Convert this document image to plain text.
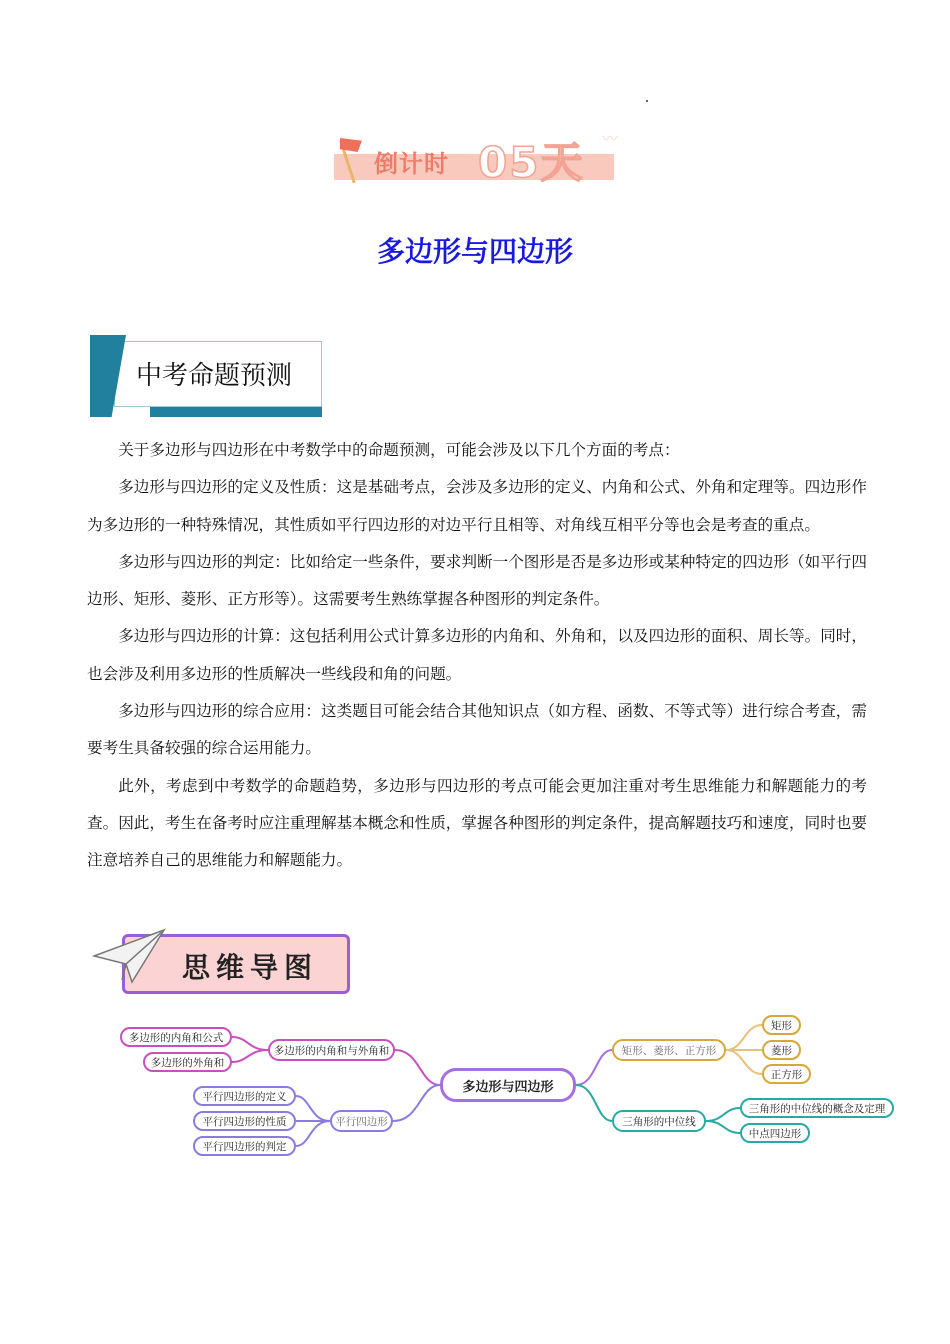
倒计时 05天 〰
多边形与四边形
中考命题预测

关于多边形与四边形在中考数学中的命题预测，可能会涉及以下几个方面的考点：

多边形与四边形的定义及性质：这是基础考点，会涉及多边形的定义、内角和公式、外角和定理等。四边形作为多边形的一种特殊情况，其性质如平行四边形的对边平行且相等、对角线互相平分等也会是考查的重点。

多边形与四边形的判定：比如给定一些条件，要求判断一个图形是否是多边形或某种特定的四边形（如平行四边形、矩形、菱形、正方形等）。这需要考生熟练掌握各种图形的判定条件。

多边形与四边形的计算：这包括利用公式计算多边形的内角和、外角和，以及四边形的面积、周长等。同时，也会涉及利用多边形的性质解决一些线段和角的问题。

多边形与四边形的综合应用：这类题目可能会结合其他知识点（如方程、函数、不等式等）进行综合考查，需要考生具备较强的综合运用能力。

此外，考虑到中考数学的命题趋势，多边形与四边形的考点可能会更加注重对考生思维能力和解题能力的考查。因此，考生在备考时应注重理解基本概念和性质，掌握各种图形的判定条件，提高解题技巧和速度，同时也要注意培养自己的思维能力和解题能力。

思维导图
多边形与四边形
多边形的内角和与外角和
多边形的内角和公式
多边形的外角和
平行四边形
平行四边形的定义
平行四边形的性质
平行四边形的判定
矩形、菱形、正方形
矩形
菱形
正方形
三角形的中位线
三角形的中位线的概念及定理
中点四边形
